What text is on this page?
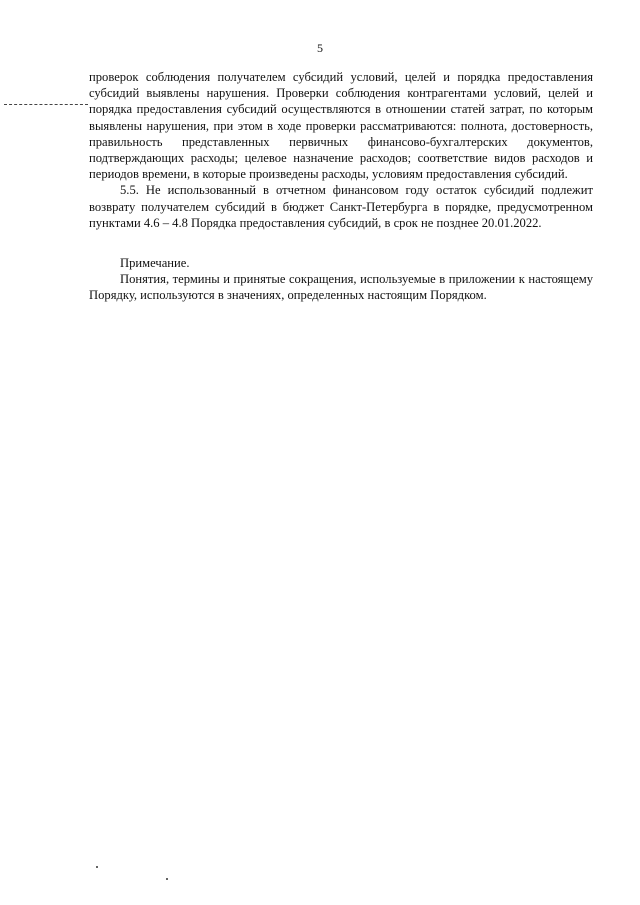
5

проверок соблюдения получателем субсидий условий, целей и порядка предоставления субсидий выявлены нарушения. Проверки соблюдения контрагентами условий, целей и порядка предоставления субсидий осуществляются в отношении статей затрат, по которым выявлены нарушения, при этом в ходе проверки рассматриваются: полнота, достоверность, правильность представленных первичных финансово-бухгалтерских документов, подтверждающих расходы; целевое назначение расходов; соответствие видов расходов и периодов времени, в которые произведены расходы, условиям предоставления субсидий.

5.5. Не использованный в отчетном финансовом году остаток субсидий подлежит возврату получателем субсидий в бюджет Санкт-Петербурга в порядке, предусмотренном пунктами 4.6 – 4.8 Порядка предоставления субсидий, в срок не позднее 20.01.2022.

Примечание.

Понятия, термины и принятые сокращения, используемые в приложении к настоящему Порядку, используются в значениях, определенных настоящим Порядком.
